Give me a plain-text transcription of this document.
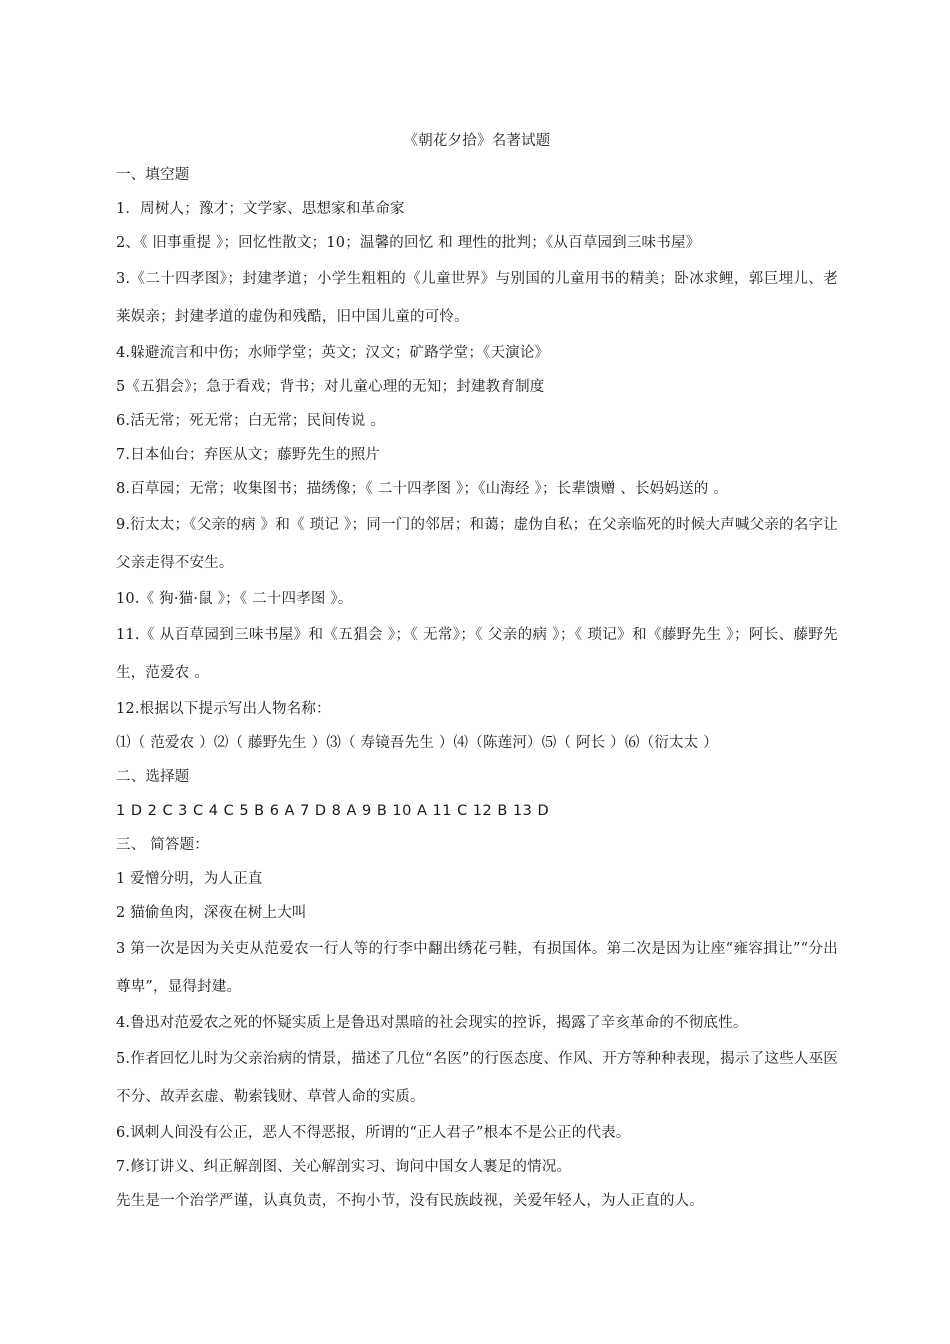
《朝花夕拾》名著试题

一、填空题

1．周树人；豫才；文学家、思想家和革命家

2、《 旧事重提 》；回忆性散文；10；温馨的回忆 和 理性的批判；《从百草园到三味书屋》

3.《二十四孝图》；封建孝道；小学生粗粗的《儿童世界》与别国的儿童用书的精美；卧冰求鲤，郭巨埋儿、老莱娱亲；封建孝道的虚伪和残酷，旧中国儿童的可怜。

4.躲避流言和中伤；水师学堂；英文；汉文；矿路学堂；《天演论》

5《五猖会》；急于看戏；背书；对儿童心理的无知；封建教育制度

6.活无常；死无常；白无常；民间传说 。

7.日本仙台；弃医从文；藤野先生的照片

8.百草园；无常；收集图书；描绣像；《 二十四孝图 》；《山海经 》；长辈馈赠 、长妈妈送的 。

9.衍太太；《父亲的病 》和《 琐记 》；同一门的邻居；和蔼；虚伪自私；在父亲临死的时候大声喊父亲的名字让父亲走得不安生。

10.《 狗·猫·鼠 》；《 二十四孝图 》。

11.《 从百草园到三味书屋》和《五猖会 》；《 无常》；《 父亲的病 》；《 琐记》和《藤野先生 》；阿长、藤野先生，范爱农 。

12.根据以下提示写出人物名称：

⑴（ 范爱农 ）⑵（ 藤野先生 ）⑶（ 寿镜吾先生 ）⑷（陈莲河）⑸（ 阿长 ）⑹（衍太太 ）

二、选择题

1 D 2 C 3 C 4 C 5 B 6 A 7 D 8 A 9 B 10 A 11 C 12 B 13 D

三、 简答题：

1 爱憎分明，为人正直

2 猫偷鱼肉，深夜在树上大叫

3 第一次是因为关吏从范爱农一行人等的行李中翻出绣花弓鞋，有损国体。第二次是因为让座“雍容揖让”“分出尊卑”，显得封建。

4.鲁迅对范爱农之死的怀疑实质上是鲁迅对黑暗的社会现实的控诉，揭露了辛亥革命的不彻底性。

5.作者回忆儿时为父亲治病的情景，描述了几位“名医”的行医态度、作风、开方等种种表现，揭示了这些人巫医不分、故弄玄虚、勒索钱财、草菅人命的实质。

6.讽刺人间没有公正，恶人不得恶报，所谓的“正人君子”根本不是公正的代表。

7.修订讲义、纠正解剖图、关心解剖实习、询问中国女人裹足的情况。

先生是一个治学严谨，认真负责，不拘小节，没有民族歧视，关爱年轻人，为人正直的人。
